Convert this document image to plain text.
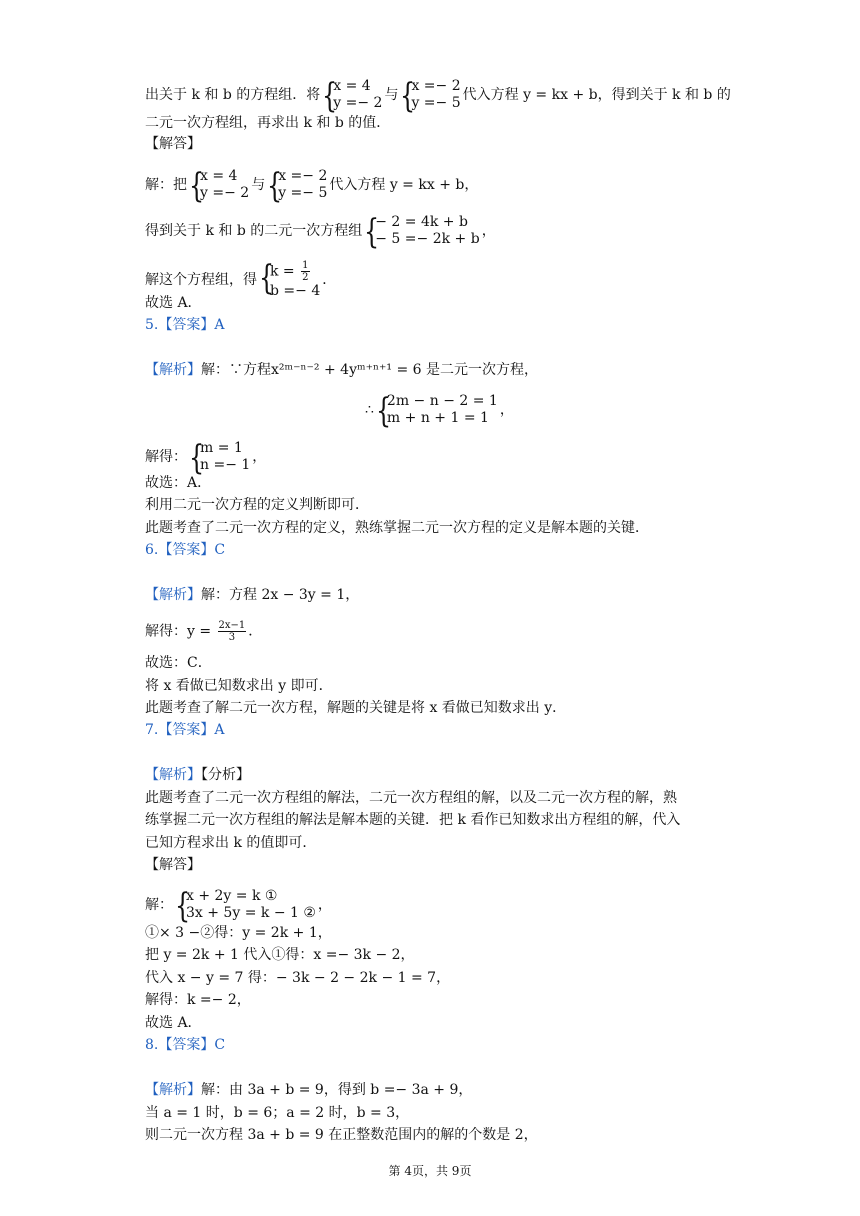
出关于 k 和 b 的方程组．将 {
x = 4
y =− 2 与 {
x =− 2
y =− 5 代入方程 y = kx + b，得到关于 k 和 b 的
二元一次方程组，再求出 k 和 b 的值．
【解答】
解：把 {
x = 4
y =− 2 与 {
x =− 2
y =− 5 代入方程 y = kx + b，
得到关于 k 和 b 的二元一次方程组 {
− 2 = 4k + b
− 5 =− 2k + b ，
解这个方程组，得 {
$k = \frac{1}{2}$
b =− 4
．
故选 A．
5.【答案】A
【解析】解：∵方程x²ᵐ⁻ⁿ⁻² + 4yᵐ⁺ⁿ⁺¹ = 6 是二元一次方程，
∴ {
2m − n − 2 = 1
m + n + 1 = 1 ，
解得： {
m = 1
n =− 1 ，
故选：A．
利用二元一次方程的定义判断即可．
此题考查了二元一次方程的定义，熟练掌握二元一次方程的定义是解本题的关键．
6.【答案】C
【解析】解：方程 2x − 3y = 1，
解得：$y = \frac{2x-1}{3}$ ．
故选：C．
将 x 看做已知数求出 y 即可．
此题考查了解二元一次方程，解题的关键是将 x 看做已知数求出 y．
7.【答案】A
【解析】【分析】
此题考查了二元一次方程组的解法，二元一次方程组的解，以及二元一次方程的解，熟
练掌握二元一次方程组的解法是解本题的关键．把 k 看作已知数求出方程组的解，代入
已知方程求出 k 的值即可．
【解答】
解： {
x + 2y = k ①
3x + 5y = k − 1 ② ，
①× 3 −②得：y = 2k + 1，
把 y = 2k + 1 代入①得：x =− 3k − 2，
代入 x − y = 7 得：− 3k − 2 − 2k − 1 = 7，
解得：k =− 2，
故选 A．
8.【答案】C
【解析】解：由 3a + b = 9，得到 b =− 3a + 9，
当 a = 1 时，b = 6；a = 2 时，b = 3，
则二元一次方程 3a + b = 9 在正整数范围内的解的个数是 2，
第 4页，共 9页
